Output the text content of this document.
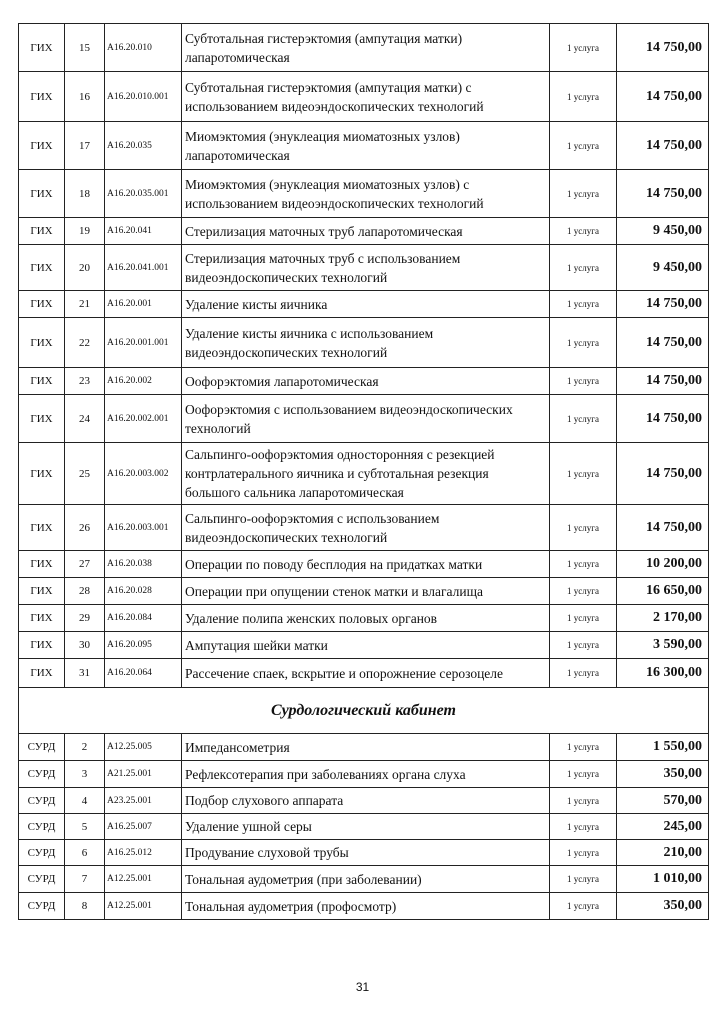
ГИХ	15	А16.20.010	Субтотальная гистерэктомия (ампутация матки) лапаротомическая	1 услуга	14 750,00
ГИХ	16	А16.20.010.001	Субтотальная гистерэктомия (ампутация матки) с использованием видеоэндоскопических технологий	1 услуга	14 750,00
ГИХ	17	А16.20.035	Миомэктомия (энуклеация миоматозных узлов) лапаротомическая	1 услуга	14 750,00
ГИХ	18	А16.20.035.001	Миомэктомия (энуклеация миоматозных узлов) с использованием видеоэндоскопических технологий	1 услуга	14 750,00
ГИХ	19	А16.20.041	Стерилизация маточных труб лапаротомическая	1 услуга	9 450,00
ГИХ	20	А16.20.041.001	Стерилизация маточных труб с использованием видеоэндоскопических технологий	1 услуга	9 450,00
ГИХ	21	А16.20.001	Удаление кисты яичника	1 услуга	14 750,00
ГИХ	22	А16.20.001.001	Удаление кисты яичника с использованием видеоэндоскопических технологий	1 услуга	14 750,00
ГИХ	23	А16.20.002	Оофорэктомия лапаротомическая	1 услуга	14 750,00
ГИХ	24	А16.20.002.001	Оофорэктомия с использованием видеоэндоскопических технологий	1 услуга	14 750,00
ГИХ	25	А16.20.003.002	Сальпинго-оофорэктомия односторонняя с резекцией контрлатерального яичника и субтотальная резекция большого сальника лапаротомическая	1 услуга	14 750,00
ГИХ	26	А16.20.003.001	Сальпинго-оофорэктомия с использованием видеоэндоскопических технологий	1 услуга	14 750,00
ГИХ	27	А16.20.038	Операции по поводу бесплодия на придатках матки	1 услуга	10 200,00
ГИХ	28	А16.20.028	Операции при опущении стенок матки и влагалища	1 услуга	16 650,00
ГИХ	29	А16.20.084	Удаление полипа женских половых органов	1 услуга	2 170,00
ГИХ	30	А16.20.095	Ампутация шейки матки	1 услуга	3 590,00
ГИХ	31	А16.20.064	Рассечение спаек, вскрытие и опорожнение серозоцеле	1 услуга	16 300,00
Сурдологический кабинет					
СУРД	2	А12.25.005	Импедансометрия	1 услуга	1 550,00
СУРД	3	А21.25.001	Рефлексотерапия при заболеваниях органа слуха	1 услуга	350,00
СУРД	4	А23.25.001	Подбор слухового аппарата	1 услуга	570,00
СУРД	5	А16.25.007	Удаление ушной серы	1 услуга	245,00
СУРД	6	А16.25.012	Продувание слуховой трубы	1 услуга	210,00
СУРД	7	А12.25.001	Тональная аудометрия (при заболевании)	1 услуга	1 010,00
СУРД	8	А12.25.001	Тональная аудометрия (профосмотр)	1 услуга	350,00
31
